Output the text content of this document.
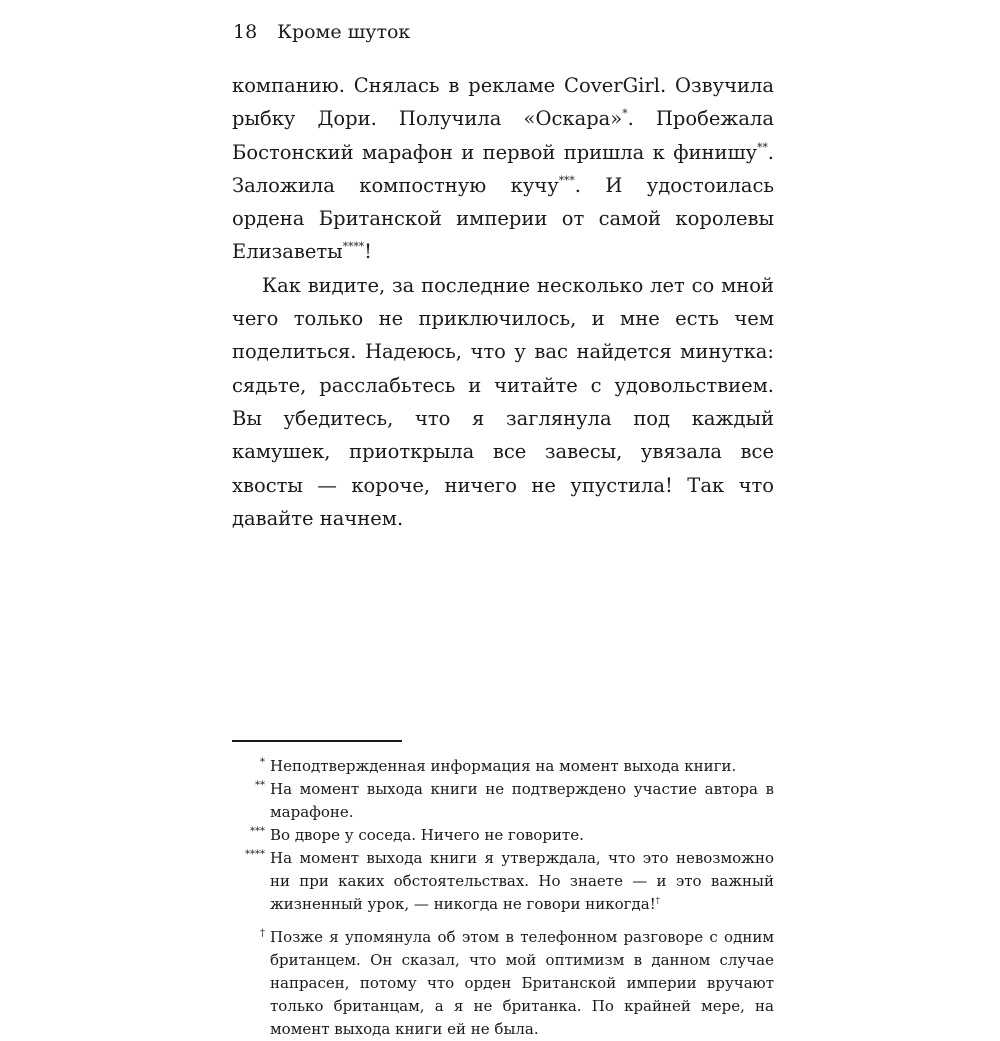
18 Кроме шуток

компанию. Снялась в рекламе CoverGirl. Озвучила рыбку Дори. Получила «Оскара»*. Пробежала Бостонский марафон и первой пришла к финишу**. Заложила компостную кучу***. И удостоилась ордена Британской империи от самой королевы Елизаветы****!

Как видите, за последние несколько лет со мной чего только не приключилось, и мне есть чем поделиться. Надеюсь, что у вас найдется минутка: сядьте, расслабьтесь и читайте с удовольствием. Вы убедитесь, что я заглянула под каждый камушек, приоткрыла все завесы, увязала все хвосты — короче, ничего не упустила! Так что давайте начнем.

* Неподтвержденная информация на момент выхода книги.
** На момент выхода книги не подтверждено участие автора в марафоне.
*** Во дворе у соседа. Ничего не говорите.
**** На момент выхода книги я утверждала, что это невозможно ни при каких обстоятельствах. Но знаете — и это важный жизненный урок, — никогда не говори никогда!†
† Позже я упомянула об этом в телефонном разговоре с одним британцем. Он сказал, что мой оптимизм в данном случае напрасен, потому что орден Британской империи вручают только британцам, а я не британка. По крайней мере, на момент выхода книги ей не была.
